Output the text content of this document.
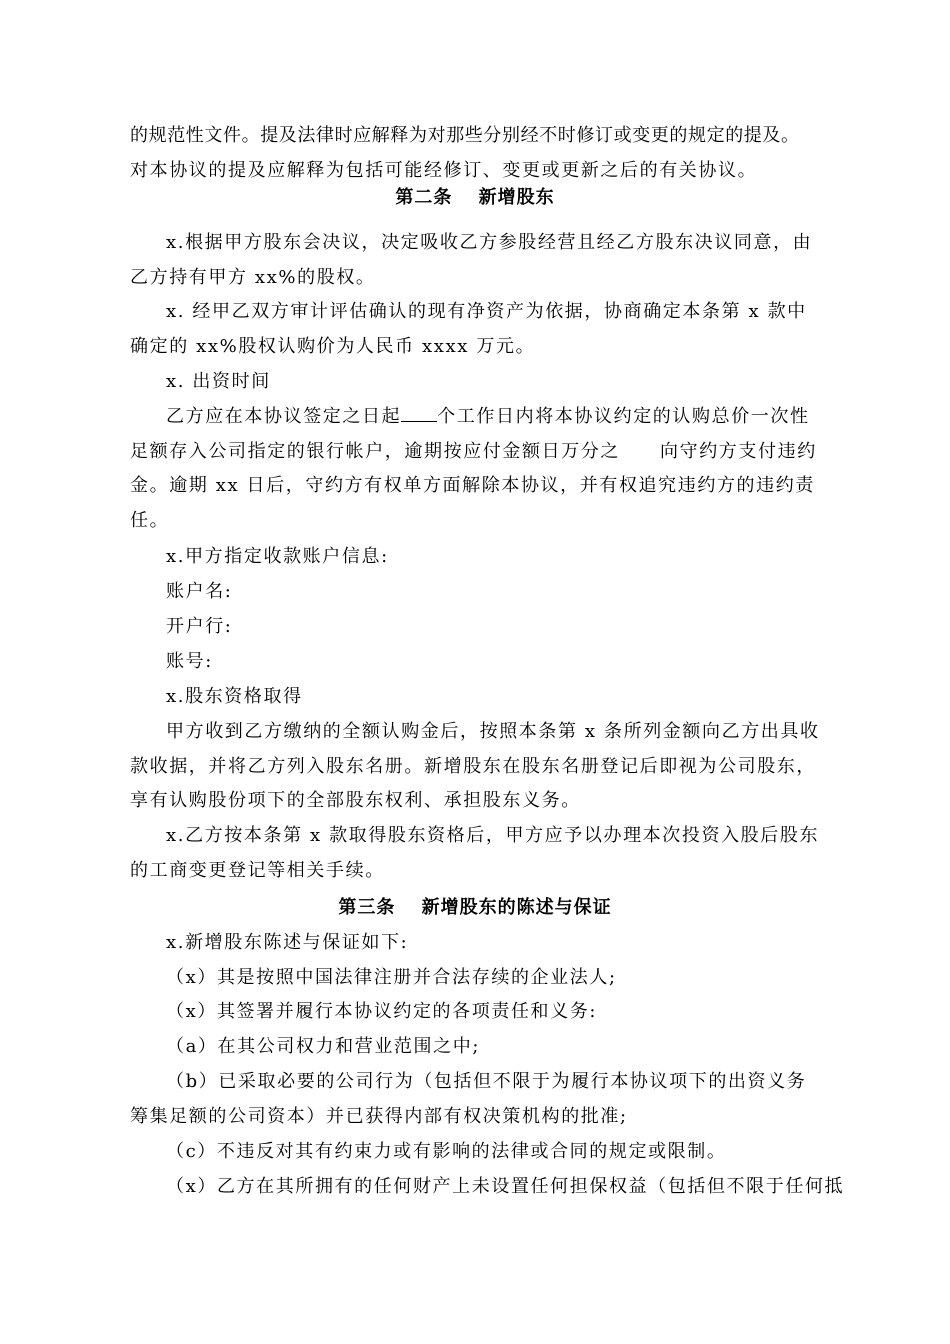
的规范性文件。提及法律时应解释为对那些分别经不时修订或变更的规定的提及。
对本协议的提及应解释为包括可能经修订、变更或更新之后的有关协议。
第二条　 新增股东
x.根据甲方股东会决议，决定吸收乙方参股经营且经乙方股东决议同意，由
乙方持有甲方 xx%的股权。
x. 经甲乙双方审计评估确认的现有净资产为依据，协商确定本条第 x 款中
确定的 xx%股权认购价为人民币 xxxx 万元。
x. 出资时间
乙方应在本协议签定之日起 个工作日内将本协议约定的认购总价一次性
足额存入公司指定的银行帐户，逾期按应付金额日万分之 向守约方支付违约
金。逾期 xx 日后，守约方有权单方面解除本协议，并有权追究违约方的违约责
任。
x.甲方指定收款账户信息:
账户名:
开户行:
账号:
x.股东资格取得
甲方收到乙方缴纳的全额认购金后，按照本条第 x 条所列金额向乙方出具收
款收据，并将乙方列入股东名册。新增股东在股东名册登记后即视为公司股东，
享有认购股份项下的全部股东权利、承担股东义务。
x.乙方按本条第 x 款取得股东资格后，甲方应予以办理本次投资入股后股东
的工商变更登记等相关手续。
第三条　 新增股东的陈述与保证
x.新增股东陈述与保证如下:
（x）其是按照中国法律注册并合法存续的企业法人;
（x）其签署并履行本协议约定的各项责任和义务:
（a）在其公司权力和营业范围之中;
（b）已采取必要的公司行为（包括但不限于为履行本协议项下的出资义务
筹集足额的公司资本）并已获得内部有权决策机构的批准;
（c）不违反对其有约束力或有影响的法律或合同的规定或限制。
（x）乙方在其所拥有的任何财产上未设置任何担保权益（包括但不限于任何抵
